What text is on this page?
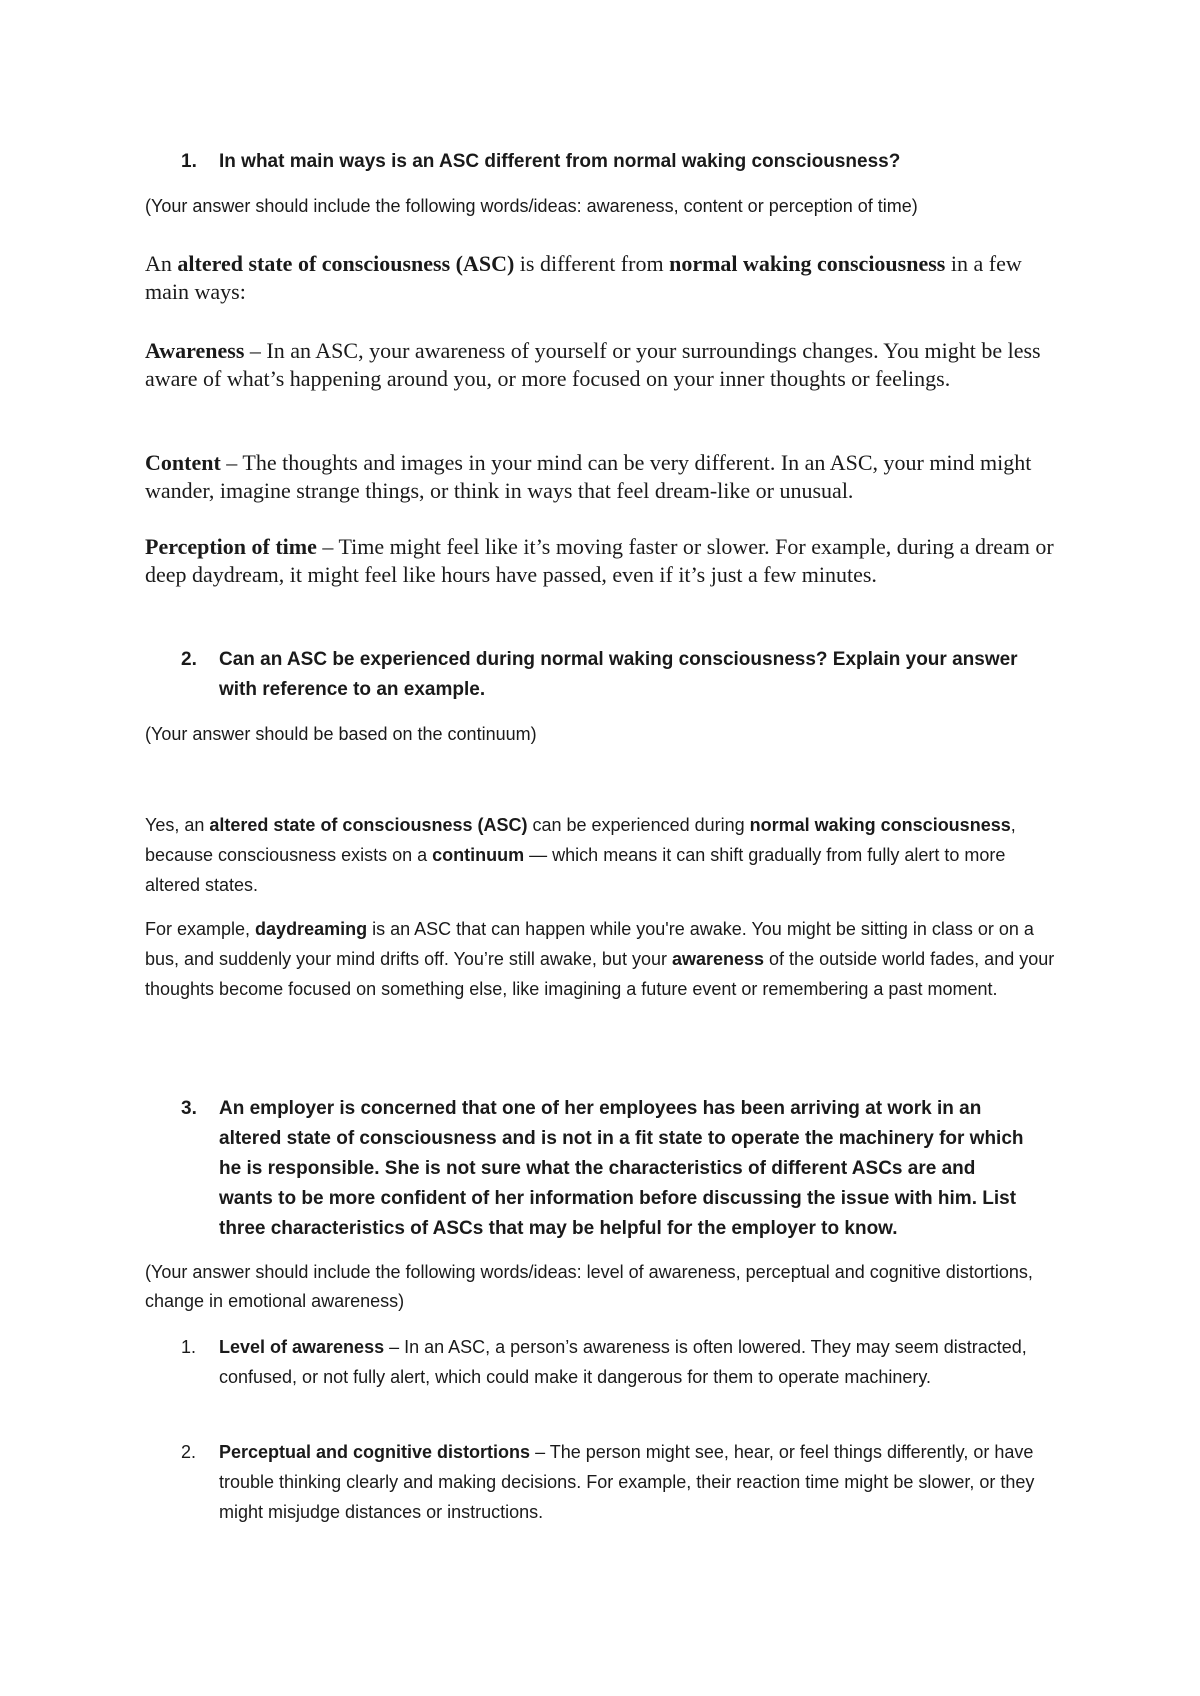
1. In what main ways is an ASC different from normal waking consciousness?
(Your answer should include the following words/ideas: awareness, content or perception of time)
An altered state of consciousness (ASC) is different from normal waking consciousness in a few main ways:
Awareness – In an ASC, your awareness of yourself or your surroundings changes. You might be less aware of what’s happening around you, or more focused on your inner thoughts or feelings.
Content – The thoughts and images in your mind can be very different. In an ASC, your mind might wander, imagine strange things, or think in ways that feel dream-like or unusual.
Perception of time – Time might feel like it’s moving faster or slower. For example, during a dream or deep daydream, it might feel like hours have passed, even if it’s just a few minutes.
2. Can an ASC be experienced during normal waking consciousness? Explain your answer with reference to an example.
(Your answer should be based on the continuum)
Yes, an altered state of consciousness (ASC) can be experienced during normal waking consciousness, because consciousness exists on a continuum — which means it can shift gradually from fully alert to more altered states.
For example, daydreaming is an ASC that can happen while you're awake. You might be sitting in class or on a bus, and suddenly your mind drifts off. You’re still awake, but your awareness of the outside world fades, and your thoughts become focused on something else, like imagining a future event or remembering a past moment.
3. An employer is concerned that one of her employees has been arriving at work in an altered state of consciousness and is not in a fit state to operate the machinery for which he is responsible. She is not sure what the characteristics of different ASCs are and wants to be more confident of her information before discussing the issue with him. List three characteristics of ASCs that may be helpful for the employer to know.
(Your answer should include the following words/ideas: level of awareness, perceptual and cognitive distortions, change in emotional awareness)
1. Level of awareness – In an ASC, a person’s awareness is often lowered. They may seem distracted, confused, or not fully alert, which could make it dangerous for them to operate machinery.
2. Perceptual and cognitive distortions – The person might see, hear, or feel things differently, or have trouble thinking clearly and making decisions. For example, their reaction time might be slower, or they might misjudge distances or instructions.
